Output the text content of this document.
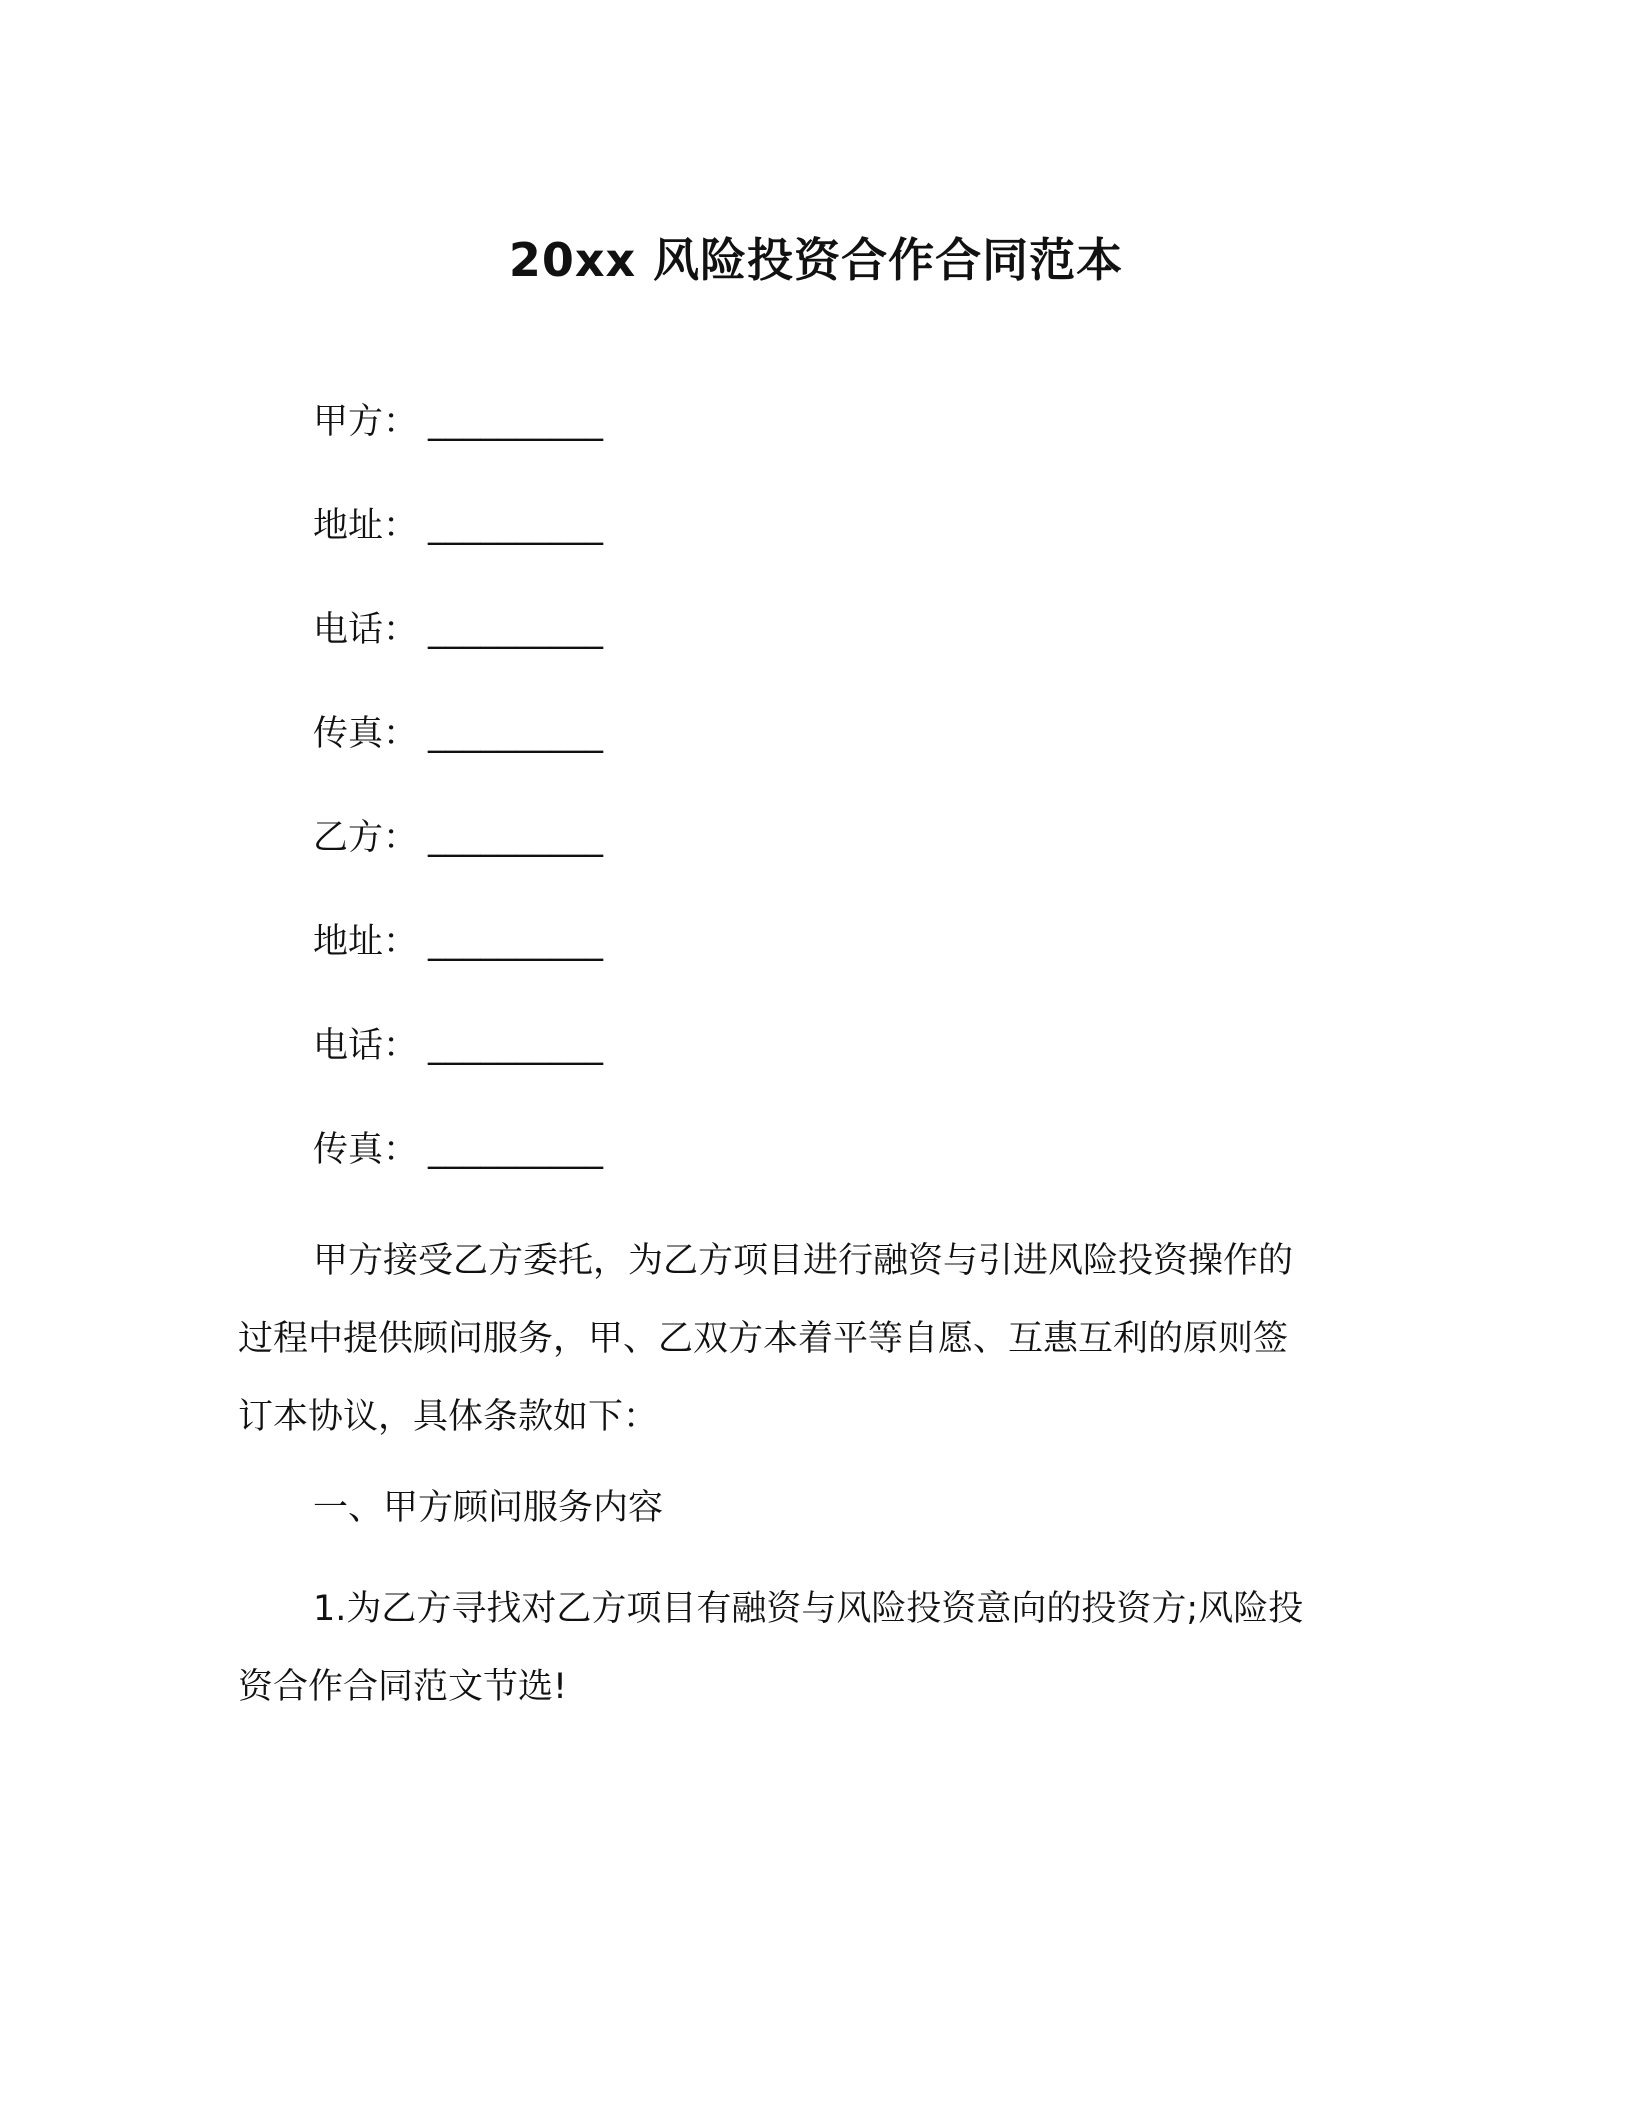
20xx 风险投资合作合同范本
甲方： __________
地址： __________
电话： __________
传真： __________
乙方： __________
地址： __________
电话： __________
传真： __________

甲方接受乙方委托，为乙方项目进行融资与引进风险投资操作的

过程中提供顾问服务，甲、乙双方本着平等自愿、互惠互利的原则签

订本协议，具体条款如下：

一、甲方顾问服务内容

1.为乙方寻找对乙方项目有融资与风险投资意向的投资方;风险投

资合作合同范文节选!
